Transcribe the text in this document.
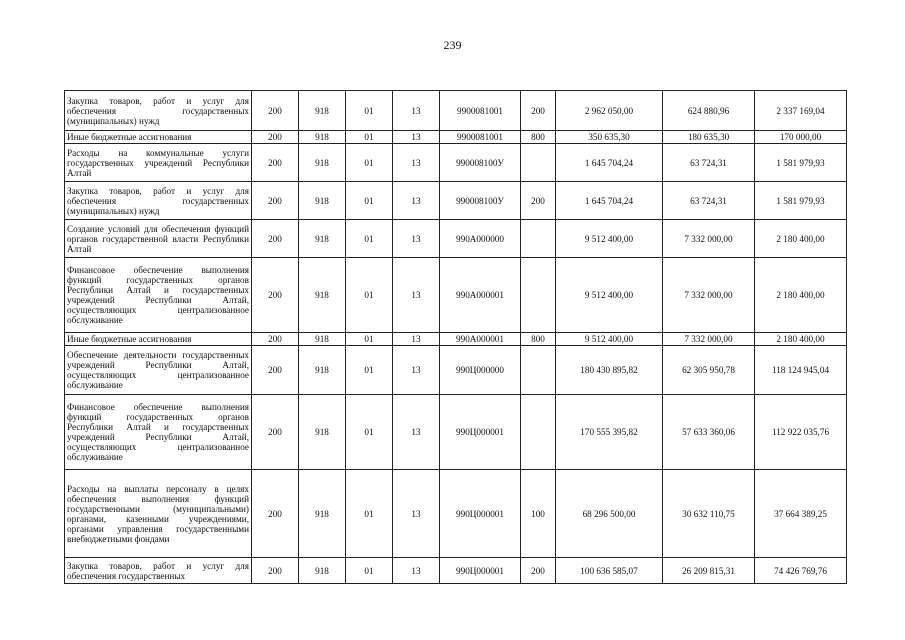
239
Закупка товаров, работ и услуг для обеспечения государственных (муниципальных) нужд	200	918	01	13	9900081001	200	2 962 050,00	624 880,96	2 337 169,04
Иные бюджетные ассигнования	200	918	01	13	9900081001	800	350 635,30	180 635,30	170 000,00
Расходы на коммунальные услуги государственных учреждений Республики Алтай	200	918	01	13	990008100У		1 645 704,24	63 724,31	1 581 979,93
Закупка товаров, работ и услуг для обеспечения государственных (муниципальных) нужд	200	918	01	13	990008100У	200	1 645 704,24	63 724,31	1 581 979,93
Создание условий для обеспечения функций органов государственной власти Республики Алтай	200	918	01	13	990А000000		9 512 400,00	7 332 000,00	2 180 400,00
Финансовое обеспечение выполнения функций государственных органов Республики Алтай и государственных учреждений Республики Алтай, осуществляющих централизованное обслуживание	200	918	01	13	990А000001		9 512 400,00	7 332 000,00	2 180 400,00
Иные бюджетные ассигнования	200	918	01	13	990А000001	800	9 512 400,00	7 332 000,00	2 180 400,00
Обеспечение деятельности государственных учреждений Республики Алтай, осуществляющих централизованное обслуживание	200	918	01	13	990Ц000000		180 430 895,82	62 305 950,78	118 124 945,04
Финансовое обеспечение выполнения функций государственных органов Республики Алтай и государственных учреждений Республики Алтай, осуществляющих централизованное обслуживание	200	918	01	13	990Ц000001		170 555 395,82	57 633 360,06	112 922 035,76
Расходы на выплаты персоналу в целях обеспечения выполнения функций государственными (муниципальными) органами, казенными учреждениями, органами управления государственными внебюджетными фондами	200	918	01	13	990Ц000001	100	68 296 500,00	30 632 110,75	37 664 389,25
Закупка товаров, работ и услуг для обеспечения государственных	200	918	01	13	990Ц000001	200	100 636 585,07	26 209 815,31	74 426 769,76
